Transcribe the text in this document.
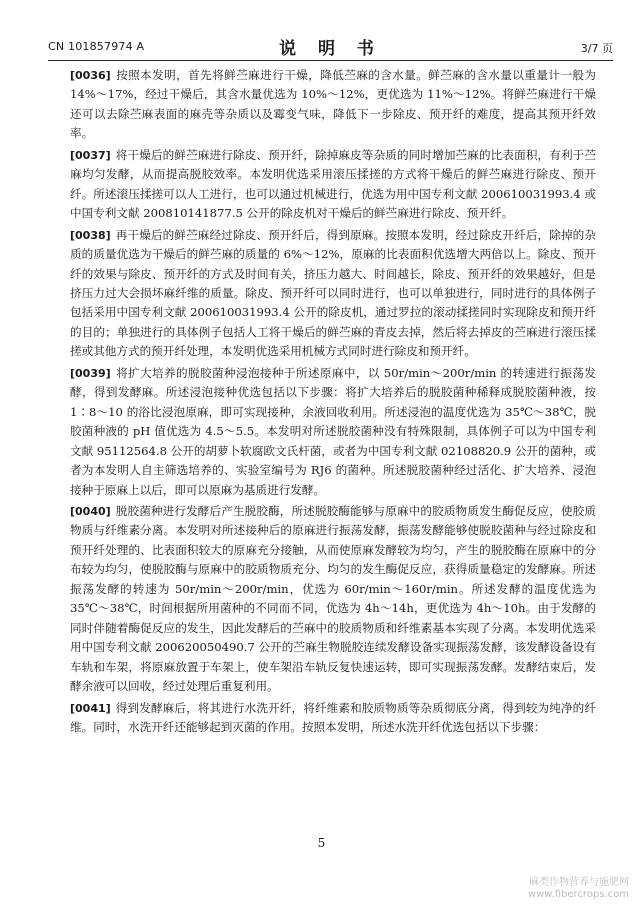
CN 101857974 A	说 明 书	3/7 页

[0036] 按照本发明，首先将鲜苎麻进行干燥，降低苎麻的含水量。鲜苎麻的含水量以重量计一般为 14%～17%，经过干燥后，其含水量优选为 10%～12%，更优选为 11%～12%。将鲜苎麻进行干燥还可以去除苎麻表面的麻壳等杂质以及霉变气味，降低下一步除皮、预开纤的难度，提高其预开纤效率。

[0037] 将干燥后的鲜苎麻进行除皮、预开纤，除掉麻皮等杂质的同时增加苎麻的比表面积，有利于苎麻均匀发酵，从而提高脱胶效率。本发明优选采用滚压揉搓的方式将干燥后的鲜苎麻进行除皮、预开纤。所述滚压揉搓可以人工进行，也可以通过机械进行，优选为用中国专利文献 200610031993.4 或中国专利文献 200810141877.5 公开的除皮机对干燥后的鲜苎麻进行除皮、预开纤。

[0038] 再干燥后的鲜苎麻经过除皮、预开纤后，得到原麻。按照本发明，经过除皮开纤后，除掉的杂质的质量优选为干燥后的鲜苎麻的质量的 6%～12%，原麻的比表面积优选增大两倍以上。除皮、预开纤的效果与除皮、预开纤的方式及时间有关，挤压力越大、时间越长，除皮、预开纤的效果越好，但是挤压力过大会损坏麻纤维的质量。除皮、预开纤可以同时进行，也可以单独进行，同时进行的具体例子包括采用中国专利文献 200610031993.4 公开的除皮机，通过罗拉的滚动揉搓同时实现除皮和预开纤的目的；单独进行的具体例子包括人工将干燥后的鲜苎麻的青皮去掉，然后将去掉皮的苎麻进行滚压揉搓或其他方式的预开纤处理，本发明优选采用机械方式同时进行除皮和预开纤。

[0039] 将扩大培养的脱胶菌种浸泡接种于所述原麻中，以 50r/min～200r/min 的转速进行振荡发酵，得到发酵麻。所述浸泡接种优选包括以下步骤：将扩大培养后的脱胶菌种稀释成脱胶菌种液，按 1∶8～10 的浴比浸泡原麻，即可实现接种，余液回收利用。所述浸泡的温度优选为 35℃～38℃，脱胶菌种液的 pH 值优选为 4.5～5.5。本发明对所述脱胶菌种没有特殊限制，具体例子可以为中国专利文献 95112564.8 公开的胡萝卜软腐欧文氏杆菌，或者为中国专利文献 02108820.9 公开的菌种，或者为本发明人自主筛选培养的、实验室编号为 RJ6 的菌种。所述脱胶菌种经过活化、扩大培养、浸泡接种于原麻上以后，即可以原麻为基质进行发酵。

[0040] 脱胶菌种进行发酵后产生脱胶酶，所述脱胶酶能够与原麻中的胶质物质发生酶促反应，使胶质物质与纤维素分离。本发明对所述接种后的原麻进行振荡发酵，振荡发酵能够使脱胶菌种与经过除皮和预开纤处理的、比表面积较大的原麻充分接触，从而使原麻发酵较为均匀，产生的脱胶酶在原麻中的分布较为均匀，使脱胶酶与原麻中的胶质物质充分、均匀的发生酶促反应，获得质量稳定的发酵麻。所述振荡发酵的转速为 50r/min～200r/min，优选为 60r/min～160r/min。所述发酵的温度优选为 35℃～38℃，时间根据所用菌种的不同而不同，优选为 4h～14h，更优选为 4h～10h。由于发酵的同时伴随着酶促反应的发生，因此发酵后的苎麻中的胶质物质和纤维素基本实现了分离。本发明优选采用中国专利文献 200620050490.7 公开的苎麻生物脱胶连续发酵设备实现振荡发酵，该发酵设备设有车轨和车架，将原麻放置于车架上，使车架沿车轨反复快速运转，即可实现振荡发酵。发酵结束后，发酵余液可以回收，经过处理后重复利用。

[0041] 得到发酵麻后，将其进行水洗开纤，将纤维素和胶质物质等杂质彻底分离，得到较为纯净的纤维。同时，水洗开纤还能够起到灭菌的作用。按照本发明，所述水洗开纤优选包括以下步骤：

5
麻类作物营养与施肥网
www.fibercrops.com
